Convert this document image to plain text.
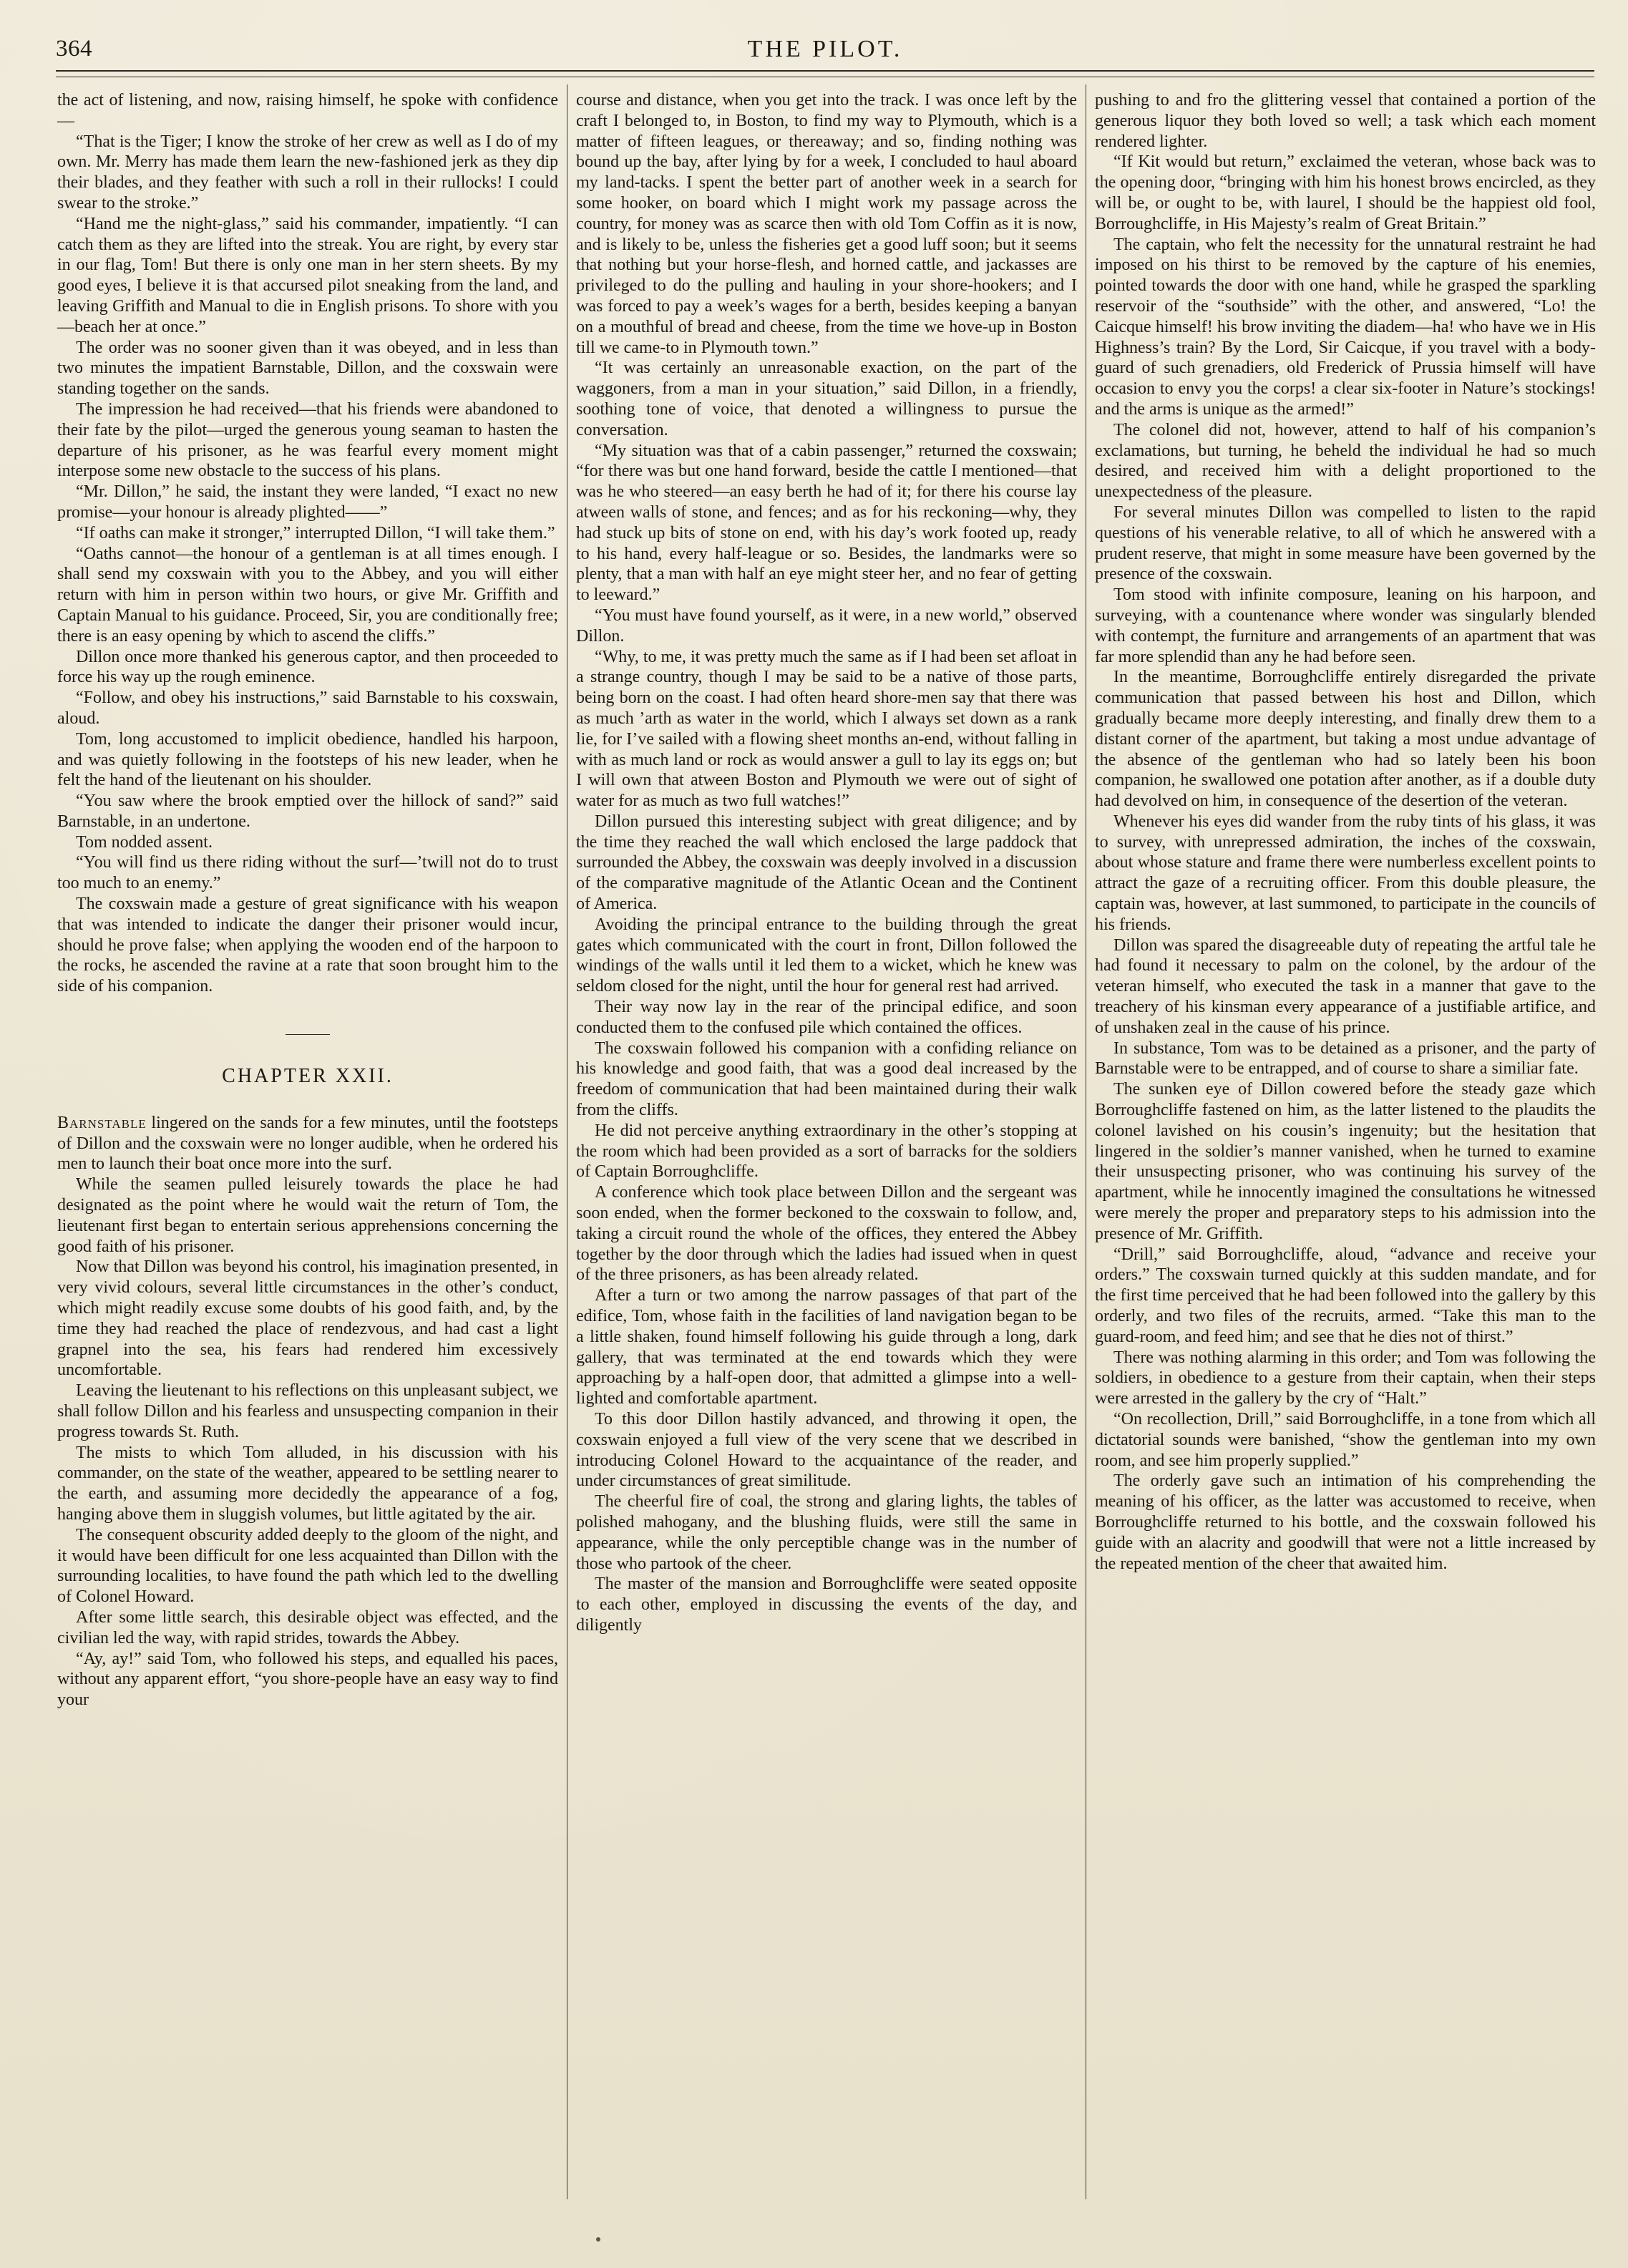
364	THE PILOT.

the act of listening, and now, raising himself, he spoke with confidence—

“That is the Tiger; I know the stroke of her crew as well as I do of my own. Mr. Merry has made them learn the new-fashioned jerk as they dip their blades, and they feather with such a roll in their rullocks! I could swear to the stroke.”

“Hand me the night-glass,” said his commander, impatiently. “I can catch them as they are lifted into the streak. You are right, by every star in our flag, Tom! But there is only one man in her stern sheets. By my good eyes, I believe it is that accursed pilot sneaking from the land, and leaving Griffith and Manual to die in English prisons. To shore with you—beach her at once.”

The order was no sooner given than it was obeyed, and in less than two minutes the impatient Barnstable, Dillon, and the coxswain were standing together on the sands.

The impression he had received—that his friends were abandoned to their fate by the pilot—urged the generous young seaman to hasten the departure of his prisoner, as he was fearful every moment might interpose some new obstacle to the success of his plans.

“Mr. Dillon,” he said, the instant they were landed, “I exact no new promise—your honour is already plighted——”

“If oaths can make it stronger,” interrupted Dillon, “I will take them.”

“Oaths cannot—the honour of a gentleman is at all times enough. I shall send my coxswain with you to the Abbey, and you will either return with him in person within two hours, or give Mr. Griffith and Captain Manual to his guidance. Proceed, Sir, you are conditionally free; there is an easy opening by which to ascend the cliffs.”

Dillon once more thanked his generous captor, and then proceeded to force his way up the rough eminence.

“Follow, and obey his instructions,” said Barnstable to his coxswain, aloud.

Tom, long accustomed to implicit obedience, handled his harpoon, and was quietly following in the footsteps of his new leader, when he felt the hand of the lieutenant on his shoulder.

“You saw where the brook emptied over the hillock of sand?” said Barnstable, in an undertone.

Tom nodded assent.

“You will find us there riding without the surf—’twill not do to trust too much to an enemy.”

The coxswain made a gesture of great significance with his weapon that was intended to indicate the danger their prisoner would incur, should he prove false; when applying the wooden end of the harpoon to the rocks, he ascended the ravine at a rate that soon brought him to the side of his companion.

CHAPTER XXII.

Barnstable lingered on the sands for a few minutes, until the footsteps of Dillon and the coxswain were no longer audible, when he ordered his men to launch their boat once more into the surf.

While the seamen pulled leisurely towards the place he had designated as the point where he would wait the return of Tom, the lieutenant first began to entertain serious apprehensions concerning the good faith of his prisoner.

Now that Dillon was beyond his control, his imagination presented, in very vivid colours, several little circumstances in the other’s conduct, which might readily excuse some doubts of his good faith, and, by the time they had reached the place of rendezvous, and had cast a light grapnel into the sea, his fears had rendered him excessively uncomfortable.

Leaving the lieutenant to his reflections on this unpleasant subject, we shall follow Dillon and his fearless and unsuspecting companion in their progress towards St. Ruth.

The mists to which Tom alluded, in his discussion with his commander, on the state of the weather, appeared to be settling nearer to the earth, and assuming more decidedly the appearance of a fog, hanging above them in sluggish volumes, but little agitated by the air.

The consequent obscurity added deeply to the gloom of the night, and it would have been difficult for one less acquainted than Dillon with the surrounding localities, to have found the path which led to the dwelling of Colonel Howard.

After some little search, this desirable object was effected, and the civilian led the way, with rapid strides, towards the Abbey.

“Ay, ay!” said Tom, who followed his steps, and equalled his paces, without any apparent effort, “you shore-people have an easy way to find your

course and distance, when you get into the track. I was once left by the craft I belonged to, in Boston, to find my way to Plymouth, which is a matter of fifteen leagues, or thereaway; and so, finding nothing was bound up the bay, after lying by for a week, I concluded to haul aboard my land-tacks. I spent the better part of another week in a search for some hooker, on board which I might work my passage across the country, for money was as scarce then with old Tom Coffin as it is now, and is likely to be, unless the fisheries get a good luff soon; but it seems that nothing but your horse-flesh, and horned cattle, and jackasses are privileged to do the pulling and hauling in your shore-hookers; and I was forced to pay a week’s wages for a berth, besides keeping a banyan on a mouthful of bread and cheese, from the time we hove-up in Boston till we came-to in Plymouth town.”

“It was certainly an unreasonable exaction, on the part of the waggoners, from a man in your situation,” said Dillon, in a friendly, soothing tone of voice, that denoted a willingness to pursue the conversation.

“My situation was that of a cabin passenger,” returned the coxswain; “for there was but one hand forward, beside the cattle I mentioned—that was he who steered—an easy berth he had of it; for there his course lay atween walls of stone, and fences; and as for his reckoning—why, they had stuck up bits of stone on end, with his day’s work footed up, ready to his hand, every half-league or so. Besides, the landmarks were so plenty, that a man with half an eye might steer her, and no fear of getting to leeward.”

“You must have found yourself, as it were, in a new world,” observed Dillon.

“Why, to me, it was pretty much the same as if I had been set afloat in a strange country, though I may be said to be a native of those parts, being born on the coast. I had often heard shore-men say that there was as much ’arth as water in the world, which I always set down as a rank lie, for I’ve sailed with a flowing sheet months an-end, without falling in with as much land or rock as would answer a gull to lay its eggs on; but I will own that atween Boston and Plymouth we were out of sight of water for as much as two full watches!”

Dillon pursued this interesting subject with great diligence; and by the time they reached the wall which enclosed the large paddock that surrounded the Abbey, the coxswain was deeply involved in a discussion of the comparative magnitude of the Atlantic Ocean and the Continent of America.

Avoiding the principal entrance to the building through the great gates which communicated with the court in front, Dillon followed the windings of the walls until it led them to a wicket, which he knew was seldom closed for the night, until the hour for general rest had arrived.

Their way now lay in the rear of the principal edifice, and soon conducted them to the confused pile which contained the offices.

The coxswain followed his companion with a confiding reliance on his knowledge and good faith, that was a good deal increased by the freedom of communication that had been maintained during their walk from the cliffs.

He did not perceive anything extraordinary in the other’s stopping at the room which had been provided as a sort of barracks for the soldiers of Captain Borroughcliffe.

A conference which took place between Dillon and the sergeant was soon ended, when the former beckoned to the coxswain to follow, and, taking a circuit round the whole of the offices, they entered the Abbey together by the door through which the ladies had issued when in quest of the three prisoners, as has been already related.

After a turn or two among the narrow passages of that part of the edifice, Tom, whose faith in the facilities of land navigation began to be a little shaken, found himself following his guide through a long, dark gallery, that was terminated at the end towards which they were approaching by a half-open door, that admitted a glimpse into a well-lighted and comfortable apartment.

To this door Dillon hastily advanced, and throwing it open, the coxswain enjoyed a full view of the very scene that we described in introducing Colonel Howard to the acquaintance of the reader, and under circumstances of great similitude.

The cheerful fire of coal, the strong and glaring lights, the tables of polished mahogany, and the blushing fluids, were still the same in appearance, while the only perceptible change was in the number of those who partook of the cheer.

The master of the mansion and Borroughcliffe were seated opposite to each other, employed in discussing the events of the day, and diligently

pushing to and fro the glittering vessel that contained a portion of the generous liquor they both loved so well; a task which each moment rendered lighter.

“If Kit would but return,” exclaimed the veteran, whose back was to the opening door, “bringing with him his honest brows encircled, as they will be, or ought to be, with laurel, I should be the happiest old fool, Borroughcliffe, in His Majesty’s realm of Great Britain.”

The captain, who felt the necessity for the unnatural restraint he had imposed on his thirst to be removed by the capture of his enemies, pointed towards the door with one hand, while he grasped the sparkling reservoir of the “southside” with the other, and answered, “Lo! the Caicque himself! his brow inviting the diadem—ha! who have we in His Highness’s train? By the Lord, Sir Caicque, if you travel with a body-guard of such grenadiers, old Frederick of Prussia himself will have occasion to envy you the corps! a clear six-footer in Nature’s stockings! and the arms is unique as the armed!”

The colonel did not, however, attend to half of his companion’s exclamations, but turning, he beheld the individual he had so much desired, and received him with a delight proportioned to the unexpectedness of the pleasure.

For several minutes Dillon was compelled to listen to the rapid questions of his venerable relative, to all of which he answered with a prudent reserve, that might in some measure have been governed by the presence of the coxswain.

Tom stood with infinite composure, leaning on his harpoon, and surveying, with a countenance where wonder was singularly blended with contempt, the furniture and arrangements of an apartment that was far more splendid than any he had before seen.

In the meantime, Borroughcliffe entirely disregarded the private communication that passed between his host and Dillon, which gradually became more deeply interesting, and finally drew them to a distant corner of the apartment, but taking a most undue advantage of the absence of the gentleman who had so lately been his boon companion, he swallowed one potation after another, as if a double duty had devolved on him, in consequence of the desertion of the veteran.

Whenever his eyes did wander from the ruby tints of his glass, it was to survey, with unrepressed admiration, the inches of the coxswain, about whose stature and frame there were numberless excellent points to attract the gaze of a recruiting officer. From this double pleasure, the captain was, however, at last summoned, to participate in the councils of his friends.

Dillon was spared the disagreeable duty of repeating the artful tale he had found it necessary to palm on the colonel, by the ardour of the veteran himself, who executed the task in a manner that gave to the treachery of his kinsman every appearance of a justifiable artifice, and of unshaken zeal in the cause of his prince.

In substance, Tom was to be detained as a prisoner, and the party of Barnstable were to be entrapped, and of course to share a similiar fate.

The sunken eye of Dillon cowered before the steady gaze which Borroughcliffe fastened on him, as the latter listened to the plaudits the colonel lavished on his cousin’s ingenuity; but the hesitation that lingered in the soldier’s manner vanished, when he turned to examine their unsuspecting prisoner, who was continuing his survey of the apartment, while he innocently imagined the consultations he witnessed were merely the proper and preparatory steps to his admission into the presence of Mr. Griffith.

“Drill,” said Borroughcliffe, aloud, “advance and receive your orders.” The coxswain turned quickly at this sudden mandate, and for the first time perceived that he had been followed into the gallery by this orderly, and two files of the recruits, armed. “Take this man to the guard-room, and feed him; and see that he dies not of thirst.”

There was nothing alarming in this order; and Tom was following the soldiers, in obedience to a gesture from their captain, when their steps were arrested in the gallery by the cry of “Halt.”

“On recollection, Drill,” said Borroughcliffe, in a tone from which all dictatorial sounds were banished, “show the gentleman into my own room, and see him properly supplied.”

The orderly gave such an intimation of his comprehending the meaning of his officer, as the latter was accustomed to receive, when Borroughcliffe returned to his bottle, and the coxswain followed his guide with an alacrity and goodwill that were not a little increased by the repeated mention of the cheer that awaited him.
